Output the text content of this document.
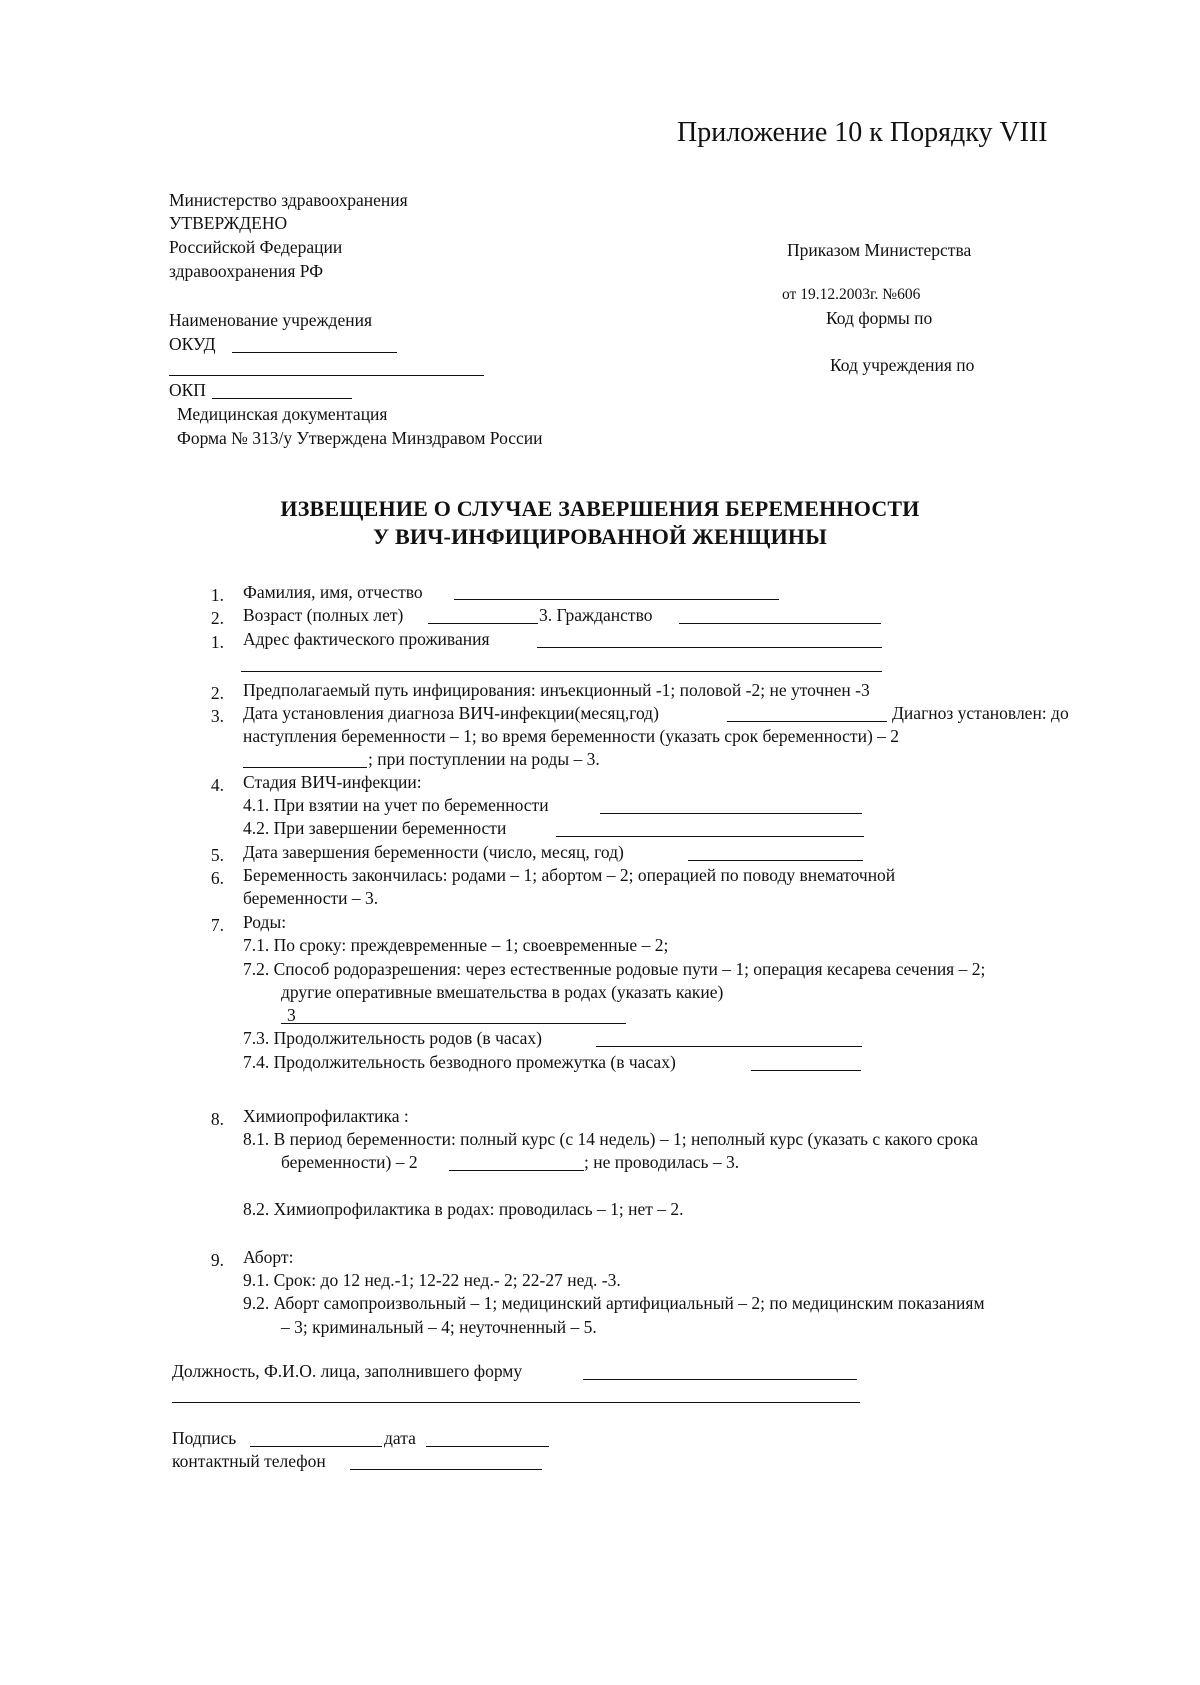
Приложение 10 к Порядку VIII
Министерство здравоохранения
УТВЕРЖДЕНО
Российской Федерации
здравоохранения РФ
Приказом Министерства
от 19.12.2003г. №606
Наименование учреждения	Код формы по
ОКУД
Код учреждения по
ОКП
Медицинская документация
Форма № 313/у Утверждена Минздравом России
ИЗВЕЩЕНИЕ О СЛУЧАЕ ЗАВЕРШЕНИЯ БЕРЕМЕННОСТИ
У ВИЧ-ИНФИЦИРОВАННОЙ ЖЕНЩИНЫ
1. Фамилия, имя, отчество
2. Возраст (полных лет)	3. Гражданство
1. Адрес фактического проживания
2. Предполагаемый путь инфицирования: инъекционный -1; половой -2; не уточнен -3
3. Дата установления диагноза ВИЧ-инфекции(месяц,год)	Диагноз установлен: до
наступления беременности – 1; во время беременности (указать срок беременности) – 2
; при поступлении на роды – 3.
4. Стадия ВИЧ-инфекции:
4.1. При взятии на учет по беременности
4.2. При завершении беременности
5. Дата завершения беременности (число, месяц, год)
6. Беременность закончилась: родами – 1; абортом – 2; операцией по поводу внематочной
беременности – 3.
7. Роды:
7.1. По сроку: преждевременные – 1; своевременные – 2;
7.2. Способ родоразрешения: через естественные родовые пути – 1; операция кесарева сечения – 2;
другие оперативные вмешательства в родах (указать какие)
3
7.3. Продолжительность родов (в часах)
7.4. Продолжительность безводного промежутка (в часах)
8. Химиопрофилактика :
8.1. В период беременности: полный курс (с 14 недель) – 1; неполный курс (указать с какого срока
беременности) – 2	; не проводилась – 3.
8.2. Химиопрофилактика в родах: проводилась – 1; нет – 2.
9. Аборт:
9.1. Срок: до 12 нед.-1; 12-22 нед.- 2; 22-27 нед. -3.
9.2. Аборт самопроизвольный – 1; медицинский артифициальный – 2; по медицинским показаниям
– 3; криминальный – 4; неуточненный – 5.
Должность, Ф.И.О. лица, заполнившего форму
Подпись	дата
контактный телефон
